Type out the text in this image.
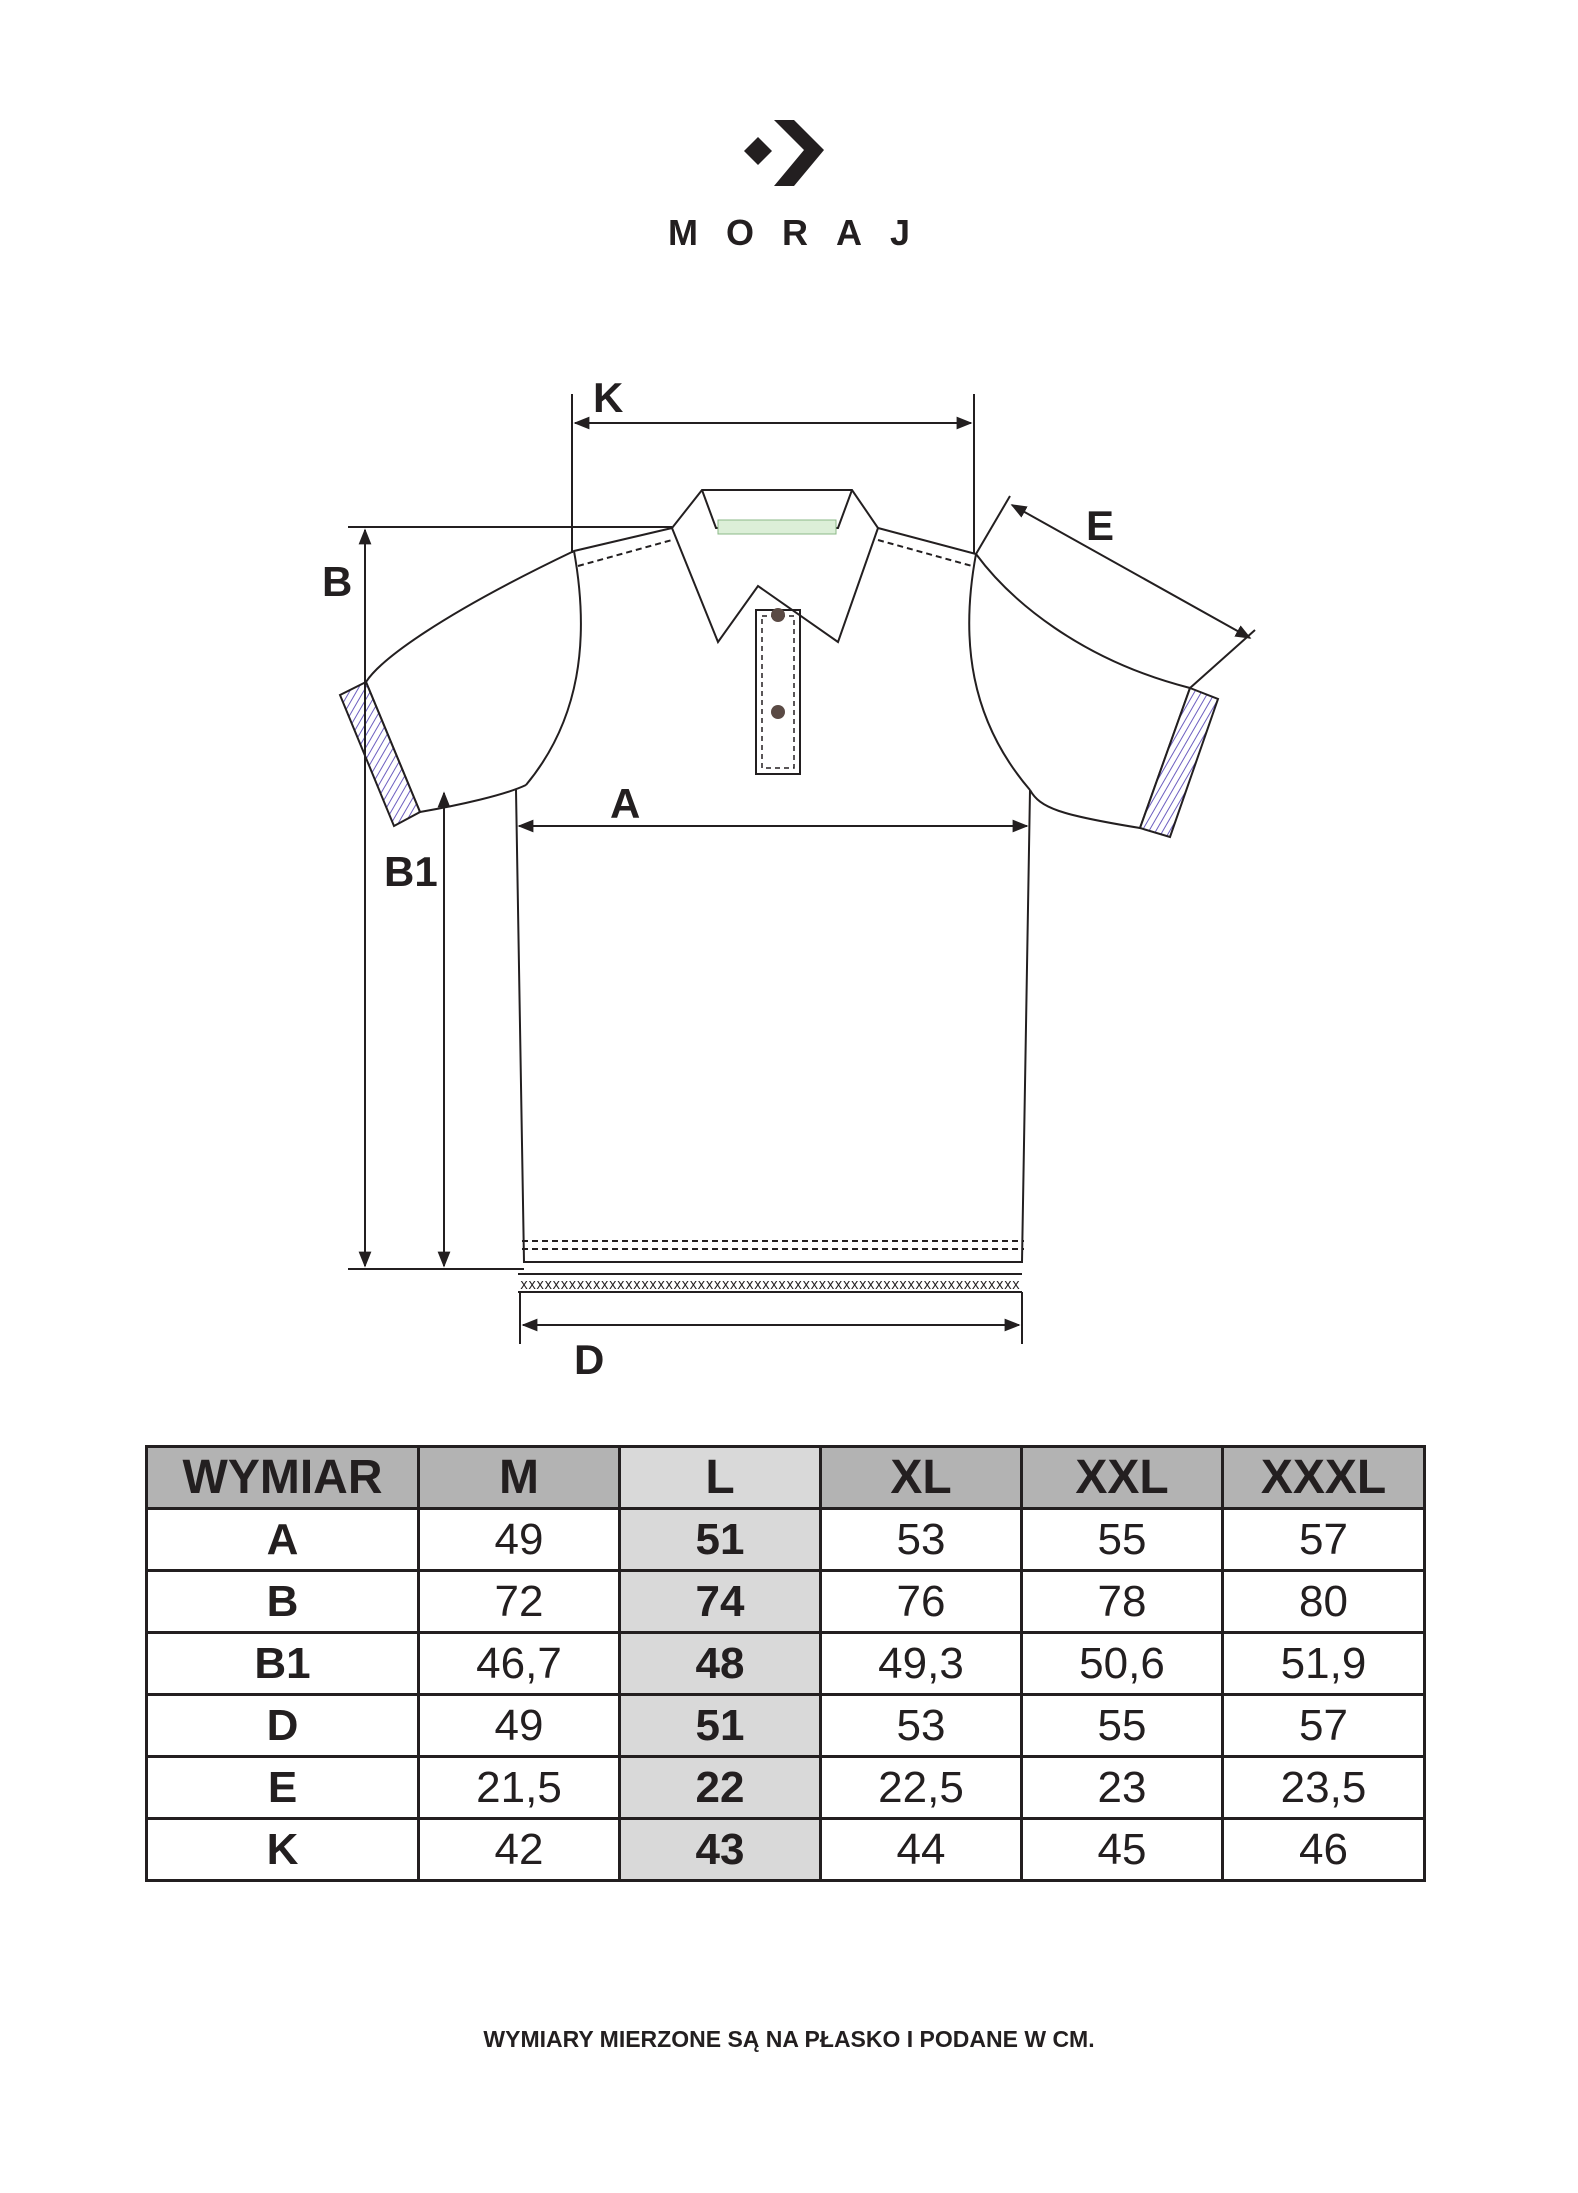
MORAJ
xxxxxxxxxxxxxxxxxxxxxxxxxxxxxxxxxxxxxxxxxxxxxxxxxxxxxxxxxxxxxx
K
E
B
B1
A
D
WYMIAR	M	L	XL	XXL	XXXL
A	49	51	53	55	57
B	72	74	76	78	80
B1	46,7	48	49,3	50,6	51,9
D	49	51	53	55	57
E	21,5	22	22,5	23	23,5
K	42	43	44	45	46
WYMIARY MIERZONE SĄ NA PŁASKO I PODANE W CM.
